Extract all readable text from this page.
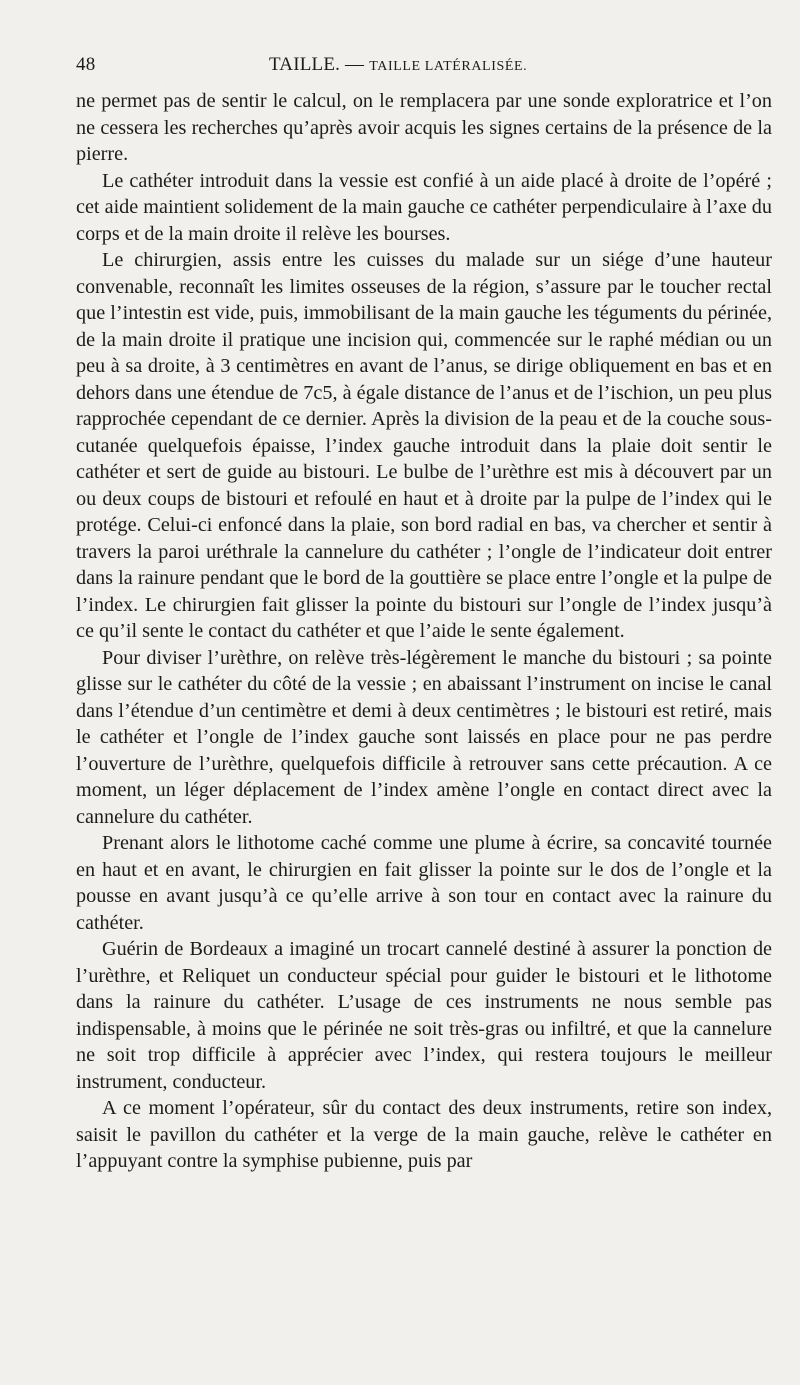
48	TAILLE. — TAILLE LATÉRALISÉE.

ne permet pas de sentir le calcul, on le remplacera par une sonde exploratrice et l’on ne cessera les recherches qu’après avoir acquis les signes certains de la présence de la pierre.

Le cathéter introduit dans la vessie est confié à un aide placé à droite de l’opéré ; cet aide maintient solidement de la main gauche ce cathéter perpendiculaire à l’axe du corps et de la main droite il relève les bourses.

Le chirurgien, assis entre les cuisses du malade sur un siége d’une hauteur convenable, reconnaît les limites osseuses de la région, s’assure par le toucher rectal que l’intestin est vide, puis, immobilisant de la main gauche les téguments du périnée, de la main droite il pratique une incision qui, commencée sur le raphé médian ou un peu à sa droite, à 3 centimètres en avant de l’anus, se dirige obliquement en bas et en dehors dans une étendue de 7c5, à égale distance de l’anus et de l’ischion, un peu plus rapprochée cependant de ce dernier. Après la division de la peau et de la couche sous-cutanée quelquefois épaisse, l’index gauche introduit dans la plaie doit sentir le cathéter et sert de guide au bistouri. Le bulbe de l’urèthre est mis à découvert par un ou deux coups de bistouri et refoulé en haut et à droite par la pulpe de l’index qui le protége. Celui-ci enfoncé dans la plaie, son bord radial en bas, va chercher et sentir à travers la paroi uréthrale la cannelure du cathéter ; l’ongle de l’indicateur doit entrer dans la rainure pendant que le bord de la gouttière se place entre l’ongle et la pulpe de l’index. Le chirurgien fait glisser la pointe du bistouri sur l’ongle de l’index jusqu’à ce qu’il sente le contact du cathéter et que l’aide le sente également.

Pour diviser l’urèthre, on relève très-légèrement le manche du bistouri ; sa pointe glisse sur le cathéter du côté de la vessie ; en abaissant l’instrument on incise le canal dans l’étendue d’un centimètre et demi à deux centimètres ; le bistouri est retiré, mais le cathéter et l’ongle de l’index gauche sont laissés en place pour ne pas perdre l’ouverture de l’urèthre, quelquefois difficile à retrouver sans cette précaution. A ce moment, un léger déplacement de l’index amène l’ongle en contact direct avec la cannelure du cathéter.

Prenant alors le lithotome caché comme une plume à écrire, sa concavité tournée en haut et en avant, le chirurgien en fait glisser la pointe sur le dos de l’ongle et la pousse en avant jusqu’à ce qu’elle arrive à son tour en contact avec la rainure du cathéter.

Guérin de Bordeaux a imaginé un trocart cannelé destiné à assurer la ponction de l’urèthre, et Reliquet un conducteur spécial pour guider le bistouri et le lithotome dans la rainure du cathéter. L’usage de ces instruments ne nous semble pas indispensable, à moins que le périnée ne soit très-gras ou infiltré, et que la cannelure ne soit trop difficile à apprécier avec l’index, qui restera toujours le meilleur instrument, conducteur.

A ce moment l’opérateur, sûr du contact des deux instruments, retire son index, saisit le pavillon du cathéter et la verge de la main gauche, relève le cathéter en l’appuyant contre la symphise pubienne, puis par
